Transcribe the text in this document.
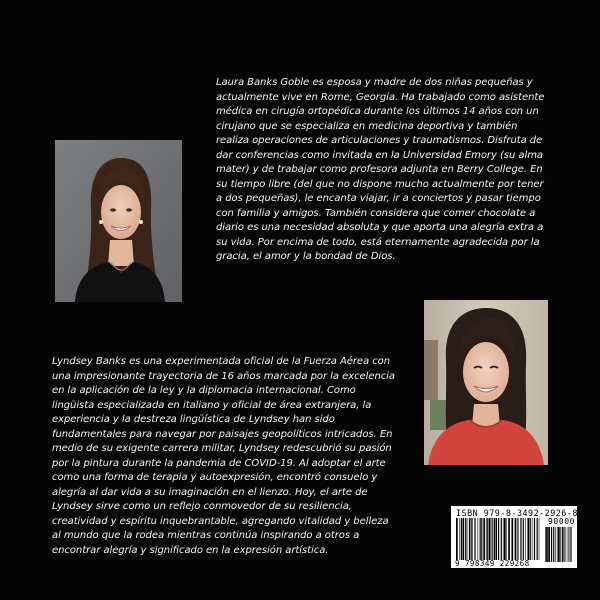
Laura Banks Goble es esposa y madre de dos niñas pequeñas y actualmente vive en Rome, Georgia. Ha trabajado como asistente médica en cirugía ortopédica durante los últimos 14 años con un cirujano que se especializa en medicina deportiva y también realiza operaciones de articulaciones y traumatismos. Disfruta de dar conferencias como invitada en la Universidad Emory (su alma mater) y de trabajar como profesora adjunta en Berry College. En su tiempo libre (del que no dispone mucho actualmente por tener a dos pequeñas), le encanta viajar, ir a conciertos y pasar tiempo con familia y amigos. También considera que comer chocolate a diario es una necesidad absoluta y que aporta una alegría extra a su vida. Por encima de todo, está eternamente agradecida por la gracia, el amor y la bondad de Dios.

Lyndsey Banks es una experimentada oficial de la Fuerza Aérea con una impresionante trayectoria de 16 años marcada por la excelencia en la aplicación de la ley y la diplomacia internacional. Como lingüista especializada en italiano y oficial de área extranjera, la experiencia y la destreza lingüística de Lyndsey han sido fundamentales para navegar por paisajes geopolíticos intricados. En medio de su exigente carrera militar, Lyndsey redescubrió su pasión por la pintura durante la pandemia de COVID-19. Al adoptar el arte como una forma de terapia y autoexpresión, encontró consuelo y alegría al dar vida a su imaginación en el lienzo. Hoy, el arte de Lyndsey sirve como un reflejo conmovedor de su resiliencia, creatividad y espíritu inquebrantable, agregando vitalidad y belleza al mundo que la rodea mientras continúa inspirando a otros a encontrar alegría y significado en la expresión artística.

ISBN 979-8-3492-2926-8
90000
9 798349 229268
